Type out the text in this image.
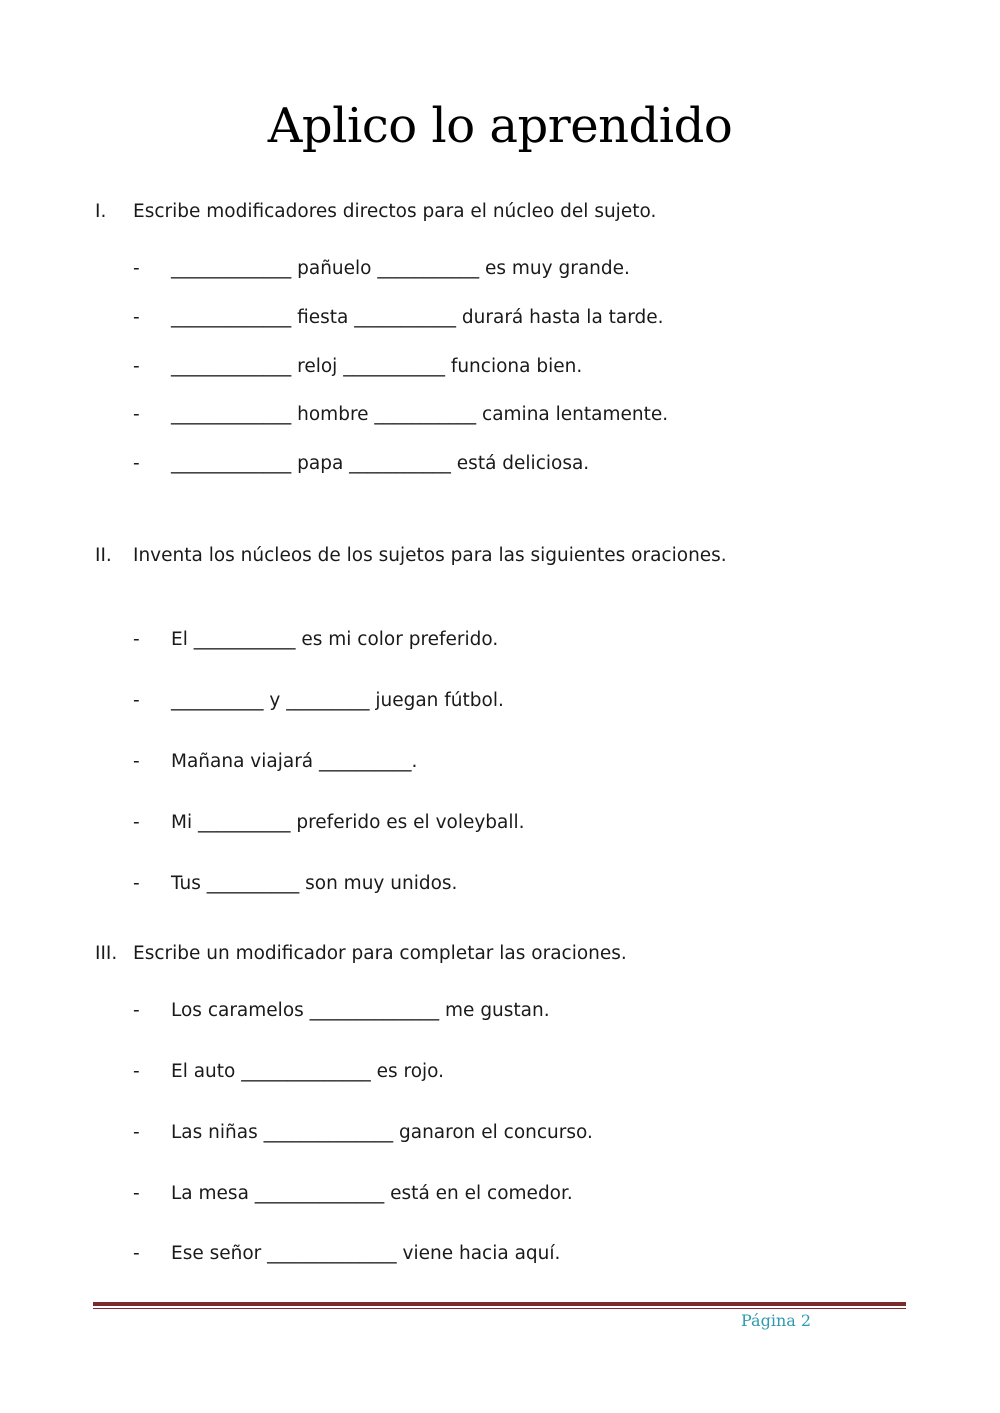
Aplico lo aprendido
I. Escribe modificadores directos para el núcleo del sujeto.
- _____________ pañuelo ___________ es muy grande.
- _____________ fiesta ___________ durará hasta la tarde.
- _____________ reloj ___________ funciona bien.
- _____________ hombre ___________ camina lentamente.
- _____________ papa ___________ está deliciosa.
II. Inventa los núcleos de los sujetos para las siguientes oraciones.
- El ___________ es mi color preferido.
- __________ y _________ juegan fútbol.
- Mañana viajará __________.
- Mi __________ preferido es el voleyball.
- Tus __________ son muy unidos.
III. Escribe un modificador para completar las oraciones.
- Los caramelos ______________ me gustan.
- El auto ______________ es rojo.
- Las niñas ______________ ganaron el concurso.
- La mesa ______________ está en el comedor.
- Ese señor ______________ viene hacia aquí.
Página 2
